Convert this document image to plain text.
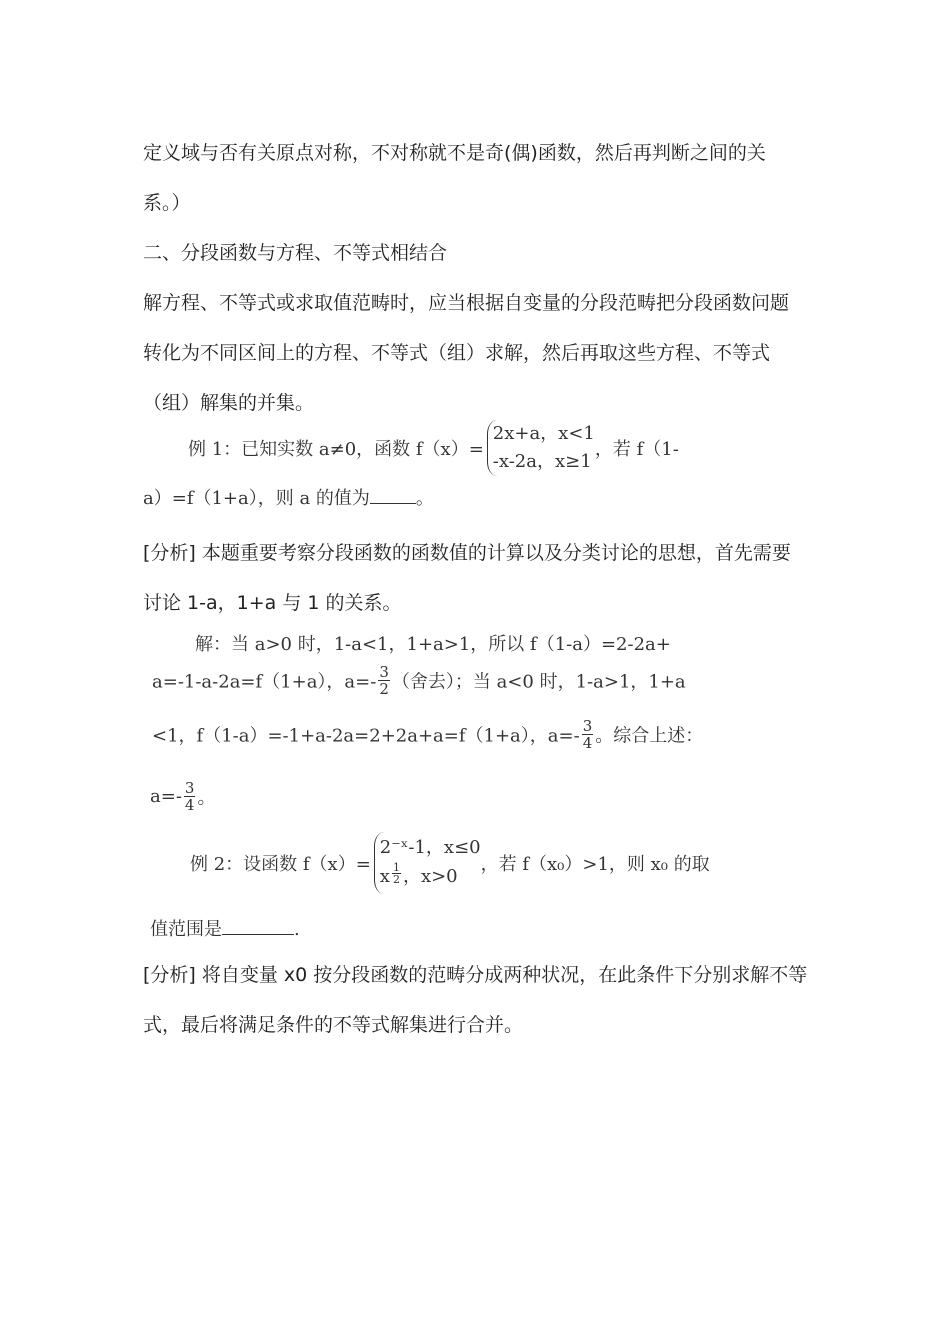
定义域与否有关原点对称，不对称就不是奇(偶)函数，然后再判断之间的关
系。）
二、分段函数与方程、不等式相结合
解方程、不等式或求取值范畴时，应当根据自变量的分段范畴把分段函数问题
转化为不同区间上的方程、不等式（组）求解，然后再取这些方程、不等式
（组）解集的并集。
例 1：已知实数 a≠0，函数 f（x）=
2x+a，x<1
-x-2a，x≥1
，若 f（1-
a）=f（1+a），则 a 的值为	。
[分析] 本题重要考察分段函数的函数值的计算以及分类讨论的思想，首先需要
讨论 1-a，1+a 与 1 的关系。
解：当 a>0 时，1-a<1，1+a>1，所以 f（1-a）=2-2a+
a=-1-a-2a=f（1+a），$a=- \frac{3}{2}$ （舍去）；当 a<0 时，1-a>1，1+a
<1，f（1-a）=-1+a-2a=2+2a+a=f（1+a），$a=- \frac{3}{4}$ 。综合上述：
$a=- \frac{3}{4}$ 。
例 2：设函数 f（x）=
2⁻ˣ-1，x≤0
x $\frac{1}{2}$ ，x>0
，若 f（x₀）>1，则 x₀ 的取
值范围是	.
[分析] 将自变量 x0 按分段函数的范畴分成两种状况，在此条件下分别求解不等
式，最后将满足条件的不等式解集进行合并。
